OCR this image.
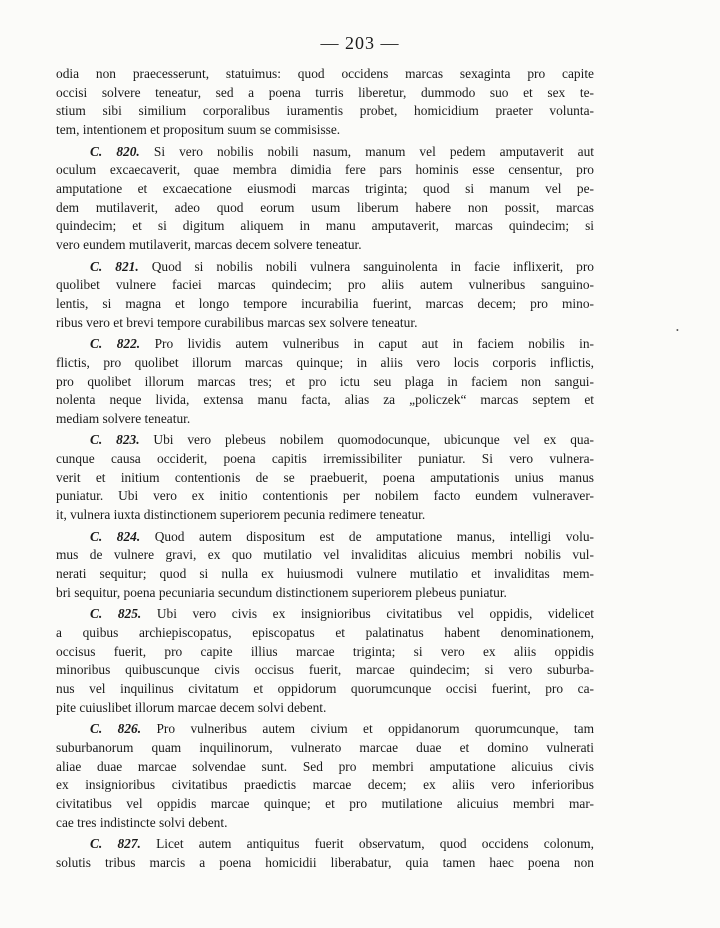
— 203 —
•
odia non praecesserunt, statuimus: quod occidens marcas sexaginta pro capite
occisi solvere teneatur, sed a poena turris liberetur, dummodo suo et sex te-
stium sibi similium corporalibus iuramentis probet, homicidium praeter volunta-
tem, intentionem et propositum suum se commisisse.
C. 820. Si vero nobilis nobili nasum, manum vel pedem amputaverit aut
oculum excaecaverit, quae membra dimidia fere pars hominis esse censentur, pro
amputatione et excaecatione eiusmodi marcas triginta; quod si manum vel pe-
dem mutilaverit, adeo quod eorum usum liberum habere non possit, marcas
quindecim; et si digitum aliquem in manu amputaverit, marcas quindecim; si
vero eundem mutilaverit, marcas decem solvere teneatur.
C. 821. Quod si nobilis nobili vulnera sanguinolenta in facie inflixerit, pro
quolibet vulnere faciei marcas quindecim; pro aliis autem vulneribus sanguino-
lentis, si magna et longo tempore incurabilia fuerint, marcas decem; pro mino-
ribus vero et brevi tempore curabilibus marcas sex solvere teneatur.
C. 822. Pro lividis autem vulneribus in caput aut in faciem nobilis in-
flictis, pro quolibet illorum marcas quinque; in aliis vero locis corporis inflictis,
pro quolibet illorum marcas tres; et pro ictu seu plaga in faciem non sangui-
nolenta neque livida, extensa manu facta, alias za „policzek“ marcas septem et
mediam solvere teneatur.
C. 823. Ubi vero plebeus nobilem quomodocunque, ubicunque vel ex qua-
cunque causa occiderit, poena capitis irremissibiliter puniatur. Si vero vulnera-
verit et initium contentionis de se praebuerit, poena amputationis unius manus
puniatur. Ubi vero ex initio contentionis per nobilem facto eundem vulneraver-
it, vulnera iuxta distinctionem superiorem pecunia redimere teneatur.
C. 824. Quod autem dispositum est de amputatione manus, intelligi volu-
mus de vulnere gravi, ex quo mutilatio vel invaliditas alicuius membri nobilis vul-
nerati sequitur; quod si nulla ex huiusmodi vulnere mutilatio et invaliditas mem-
bri sequitur, poena pecuniaria secundum distinctionem superiorem plebeus puniatur.
C. 825. Ubi vero civis ex insignioribus civitatibus vel oppidis, videlicet
a quibus archiepiscopatus, episcopatus et palatinatus habent denominationem,
occisus fuerit, pro capite illius marcae triginta; si vero ex aliis oppidis
minoribus quibuscunque civis occisus fuerit, marcae quindecim; si vero suburba-
nus vel inquilinus civitatum et oppidorum quorumcunque occisi fuerint, pro ca-
pite cuiuslibet illorum marcae decem solvi debent.
C. 826. Pro vulneribus autem civium et oppidanorum quorumcunque, tam
suburbanorum quam inquilinorum, vulnerato marcae duae et domino vulnerati
aliae duae marcae solvendae sunt. Sed pro membri amputatione alicuius civis
ex insignioribus civitatibus praedictis marcae decem; ex aliis vero inferioribus
civitatibus vel oppidis marcae quinque; et pro mutilatione alicuius membri mar-
cae tres indistincte solvi debent.
C. 827. Licet autem antiquitus fuerit observatum, quod occidens colonum,
solutis tribus marcis a poena homicidii liberabatur, quia tamen haec poena non
